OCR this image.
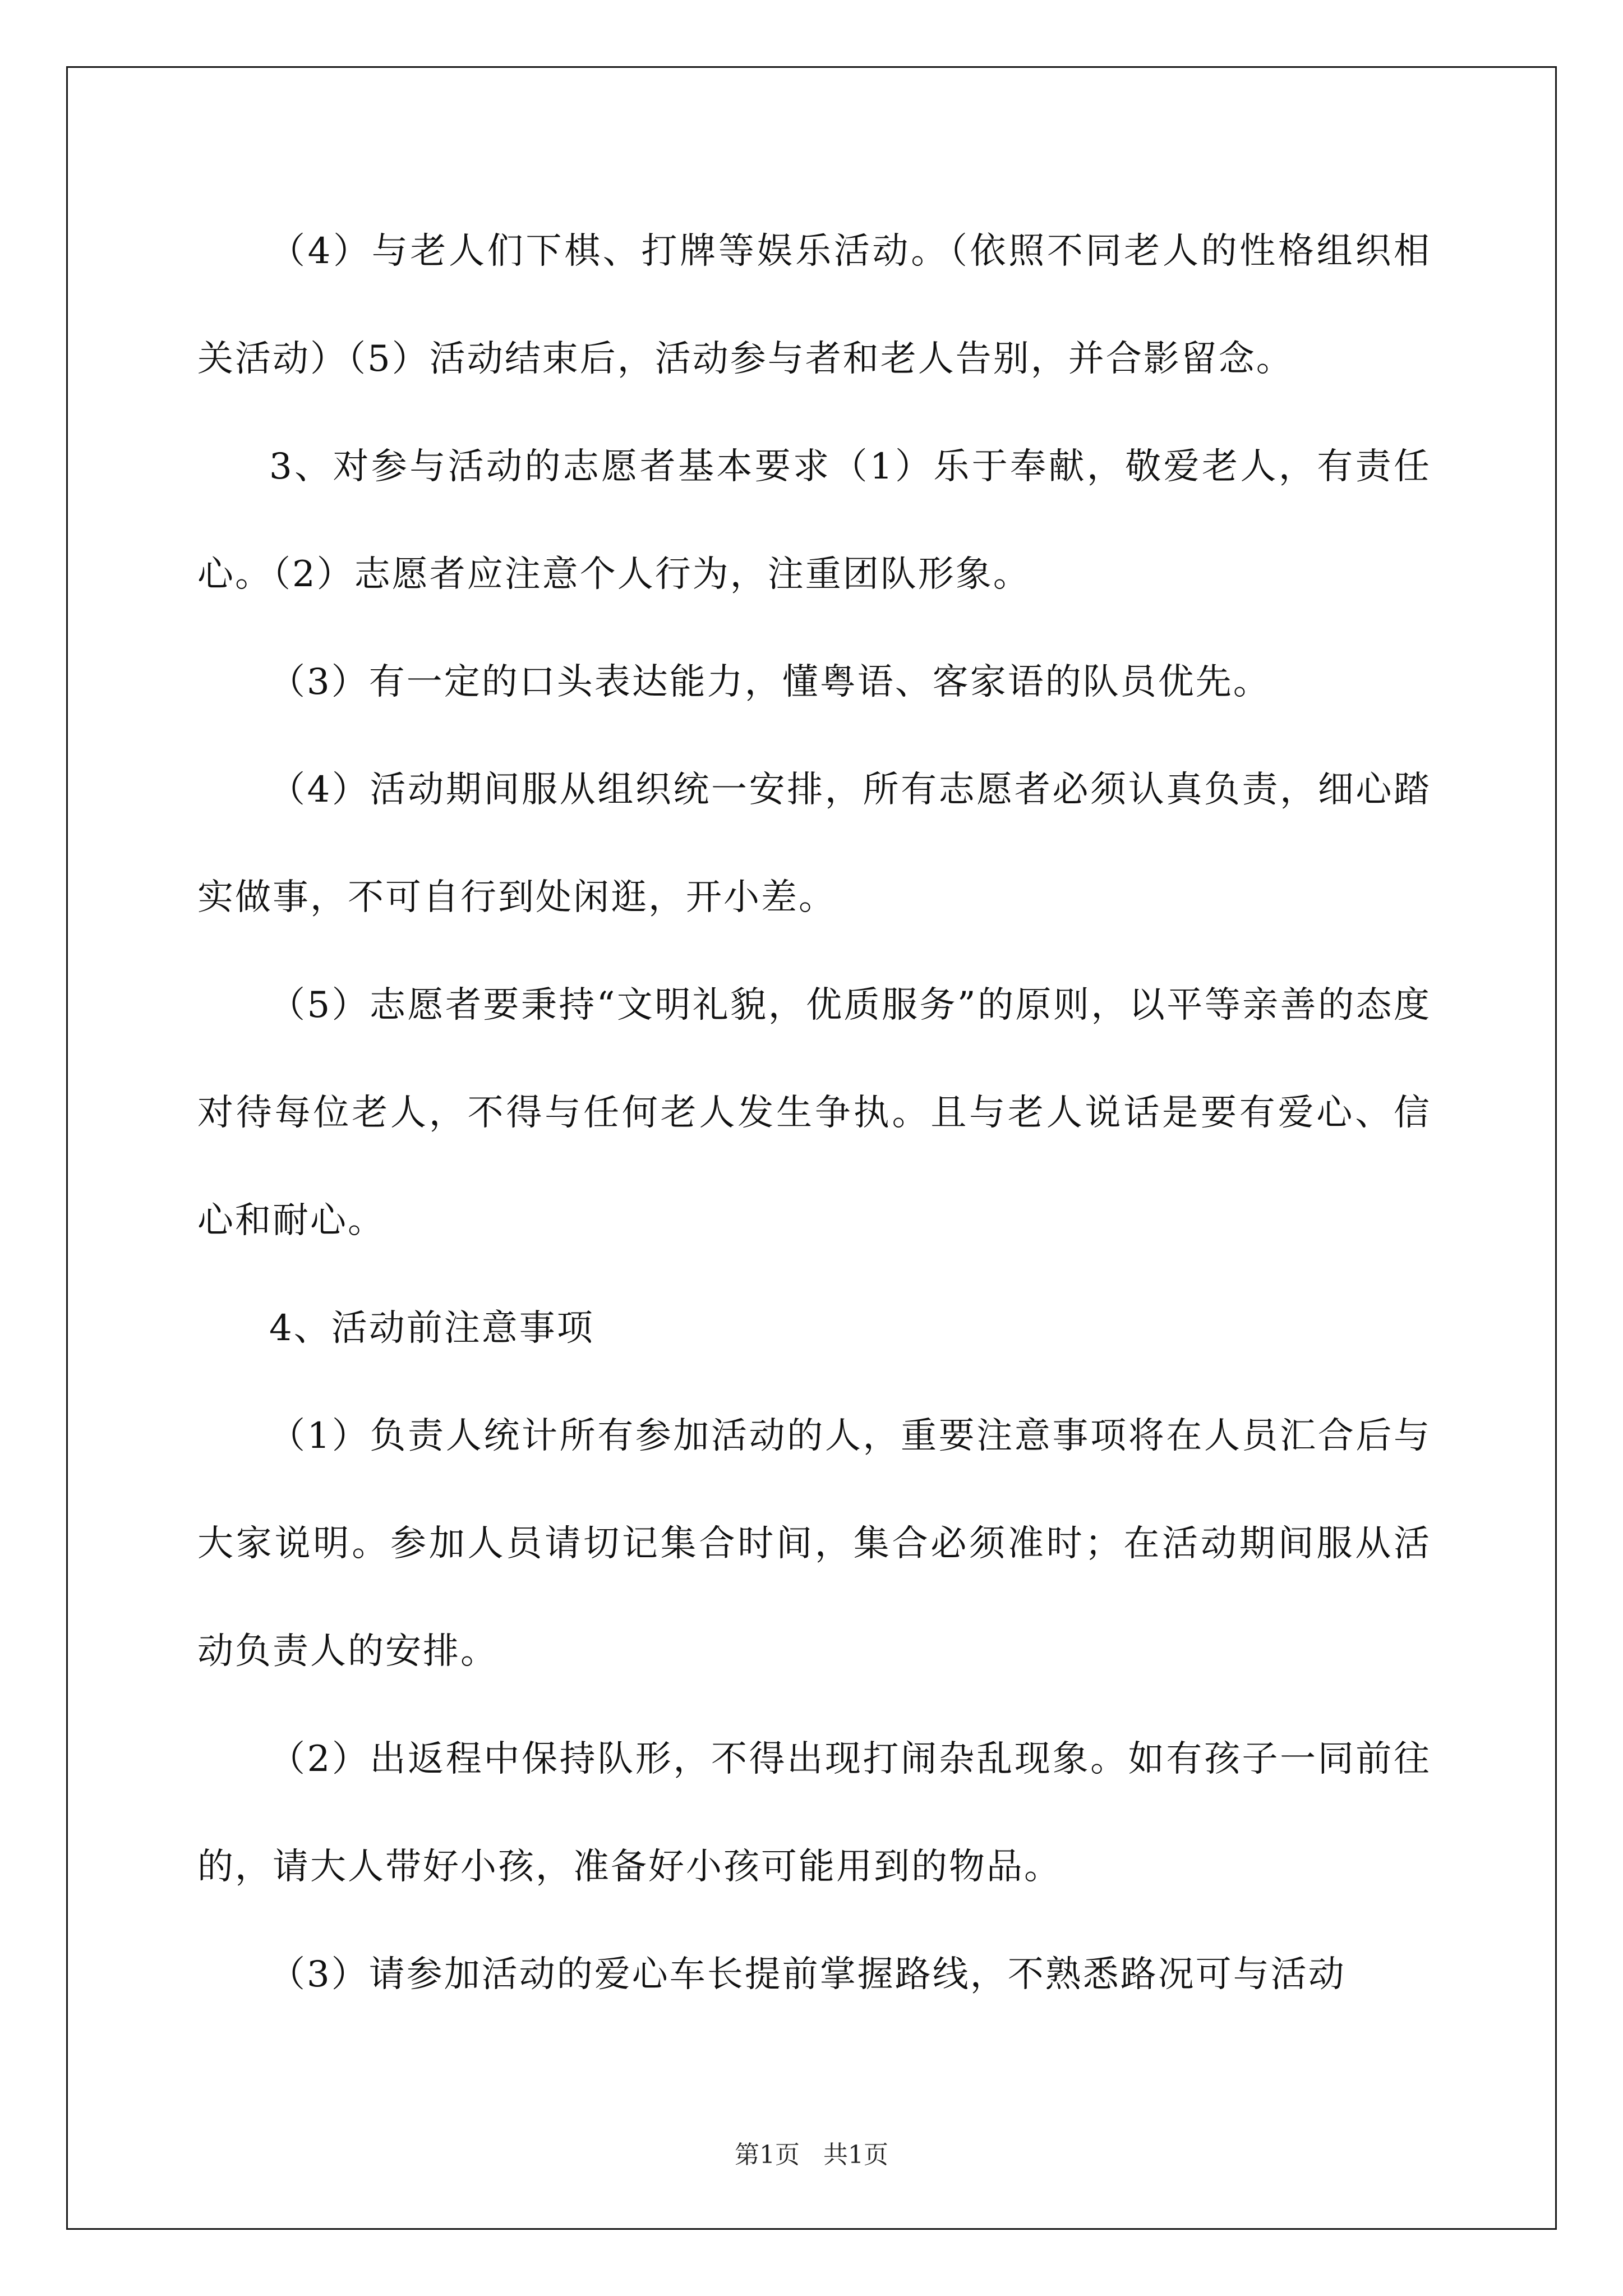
（4）与老人们下棋、打牌等娱乐活动。（依照不同老人的性格组织相关活动）（5）活动结束后，活动参与者和老人告别，并合影留念。

3、对参与活动的志愿者基本要求（1）乐于奉献，敬爱老人，有责任心。（2）志愿者应注意个人行为，注重团队形象。

（3）有一定的口头表达能力，懂粤语、客家语的队员优先。

（4）活动期间服从组织统一安排，所有志愿者必须认真负责，细心踏实做事，不可自行到处闲逛，开小差。

（5）志愿者要秉持“文明礼貌，优质服务”的原则，以平等亲善的态度对待每位老人，不得与任何老人发生争执。且与老人说话是要有爱心、信心和耐心。

4、活动前注意事项

（1）负责人统计所有参加活动的人，重要注意事项将在人员汇合后与大家说明。参加人员请切记集合时间，集合必须准时；在活动期间服从活动负责人的安排。

（2）出返程中保持队形，不得出现打闹杂乱现象。如有孩子一同前往的，请大人带好小孩，准备好小孩可能用到的物品。

（3）请参加活动的爱心车长提前掌握路线，不熟悉路况可与活动

第1页 共1页
